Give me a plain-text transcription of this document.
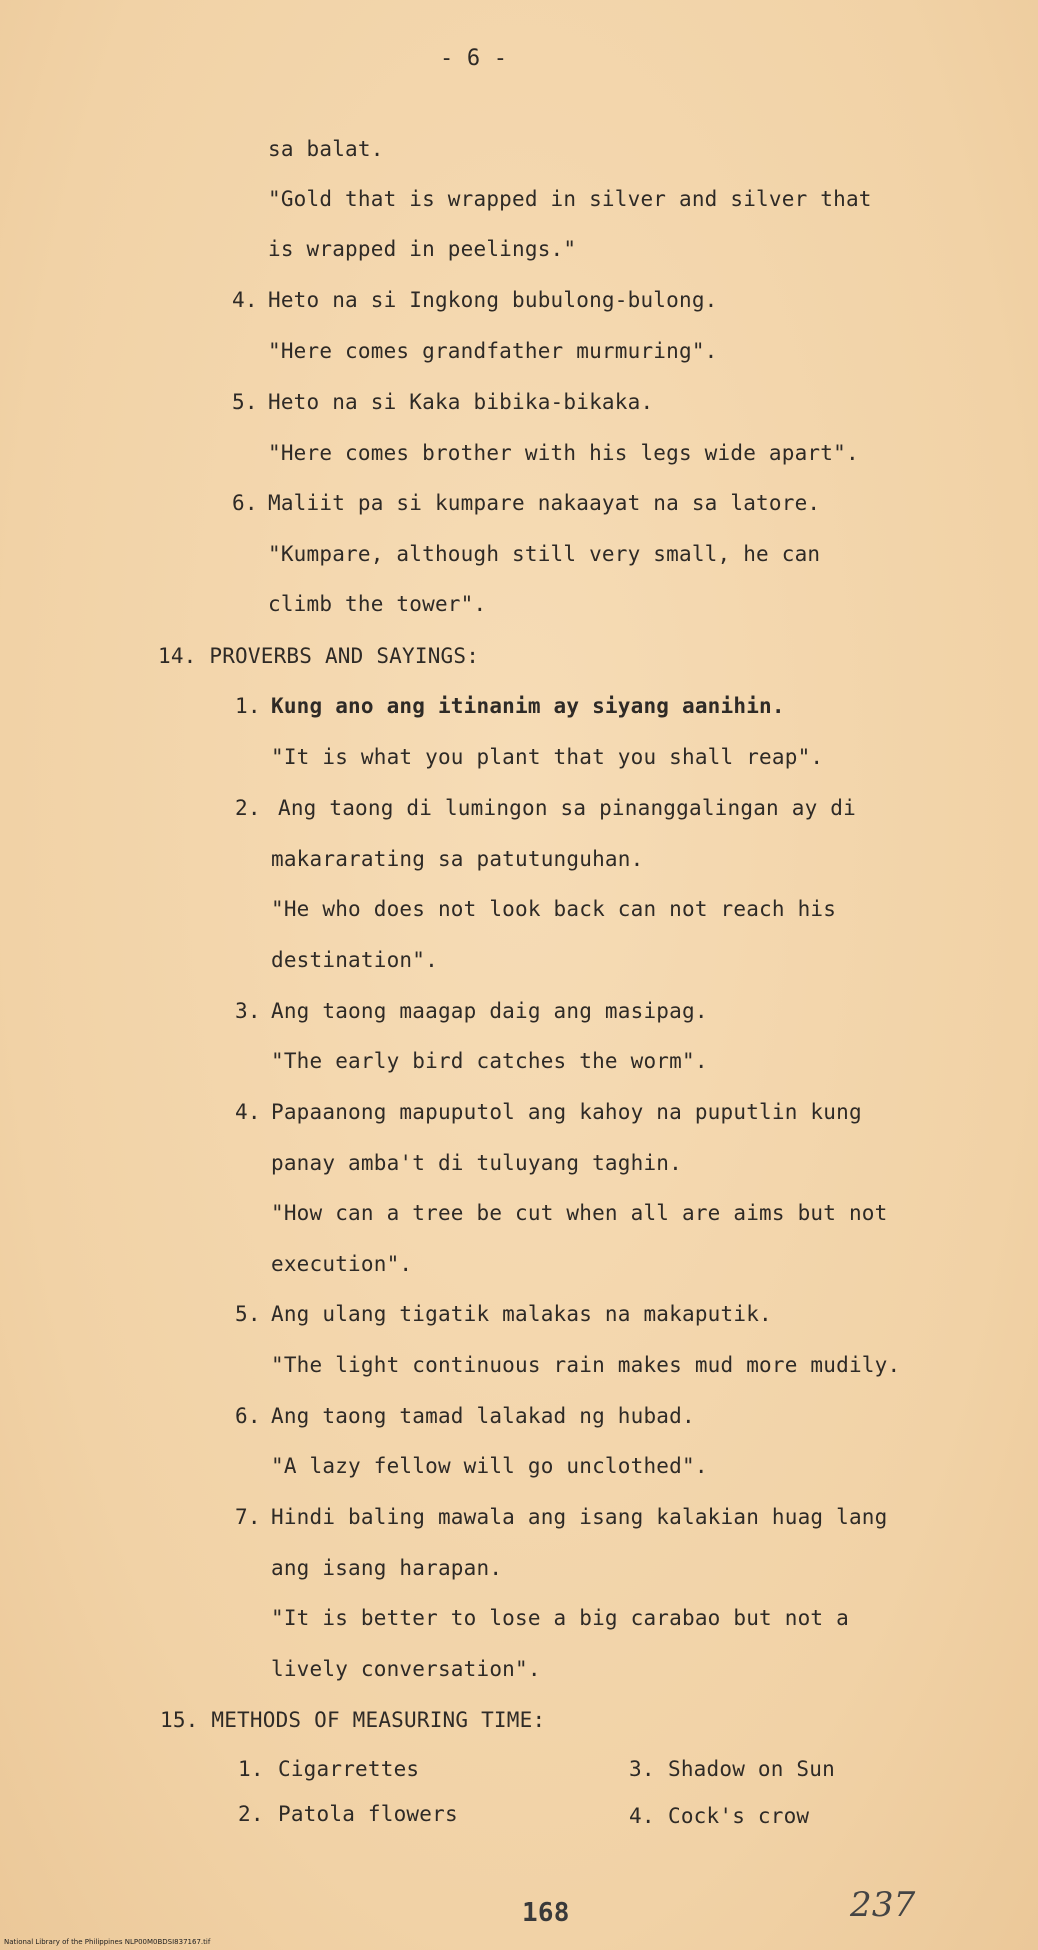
- 6 -
sa balat.
"Gold that is wrapped in silver and silver that
is wrapped in peelings."
4. Heto na si Ingkong bubulong-bulong.
"Here comes grandfather murmuring".
5. Heto na si Kaka bibika-bikaka.
"Here comes brother with his legs wide apart".
6. Maliit pa si kumpare nakaayat na sa latore.
"Kumpare, although still very small, he can
climb the tower".
14. PROVERBS AND SAYINGS:
1. Kung ano ang itinanim ay siyang aanihin.
"It is what you plant that you shall reap".
2. Ang taong di lumingon sa pinanggalingan ay di
makararating sa patutunguhan.
"He who does not look back can not reach his
destination".
3. Ang taong maagap daig ang masipag.
"The early bird catches the worm".
4. Papaanong mapuputol ang kahoy na puputlin kung
panay amba't di tuluyang taghin.
"How can a tree be cut when all are aims but not
execution".
5. Ang ulang tigatik malakas na makaputik.
"The light continuous rain makes mud more mudily.
6. Ang taong tamad lalakad ng hubad.
"A lazy fellow will go unclothed".
7. Hindi baling mawala ang isang kalakian huag lang
ang isang harapan.
"It is better to lose a big carabao but not a
lively conversation".
15. METHODS OF MEASURING TIME:
1. Cigarrettes
2. Patola flowers
3. Shadow on Sun
4. Cock's crow
168	237
National Library of the Philippines NLP00M0BDSI837167.tif
